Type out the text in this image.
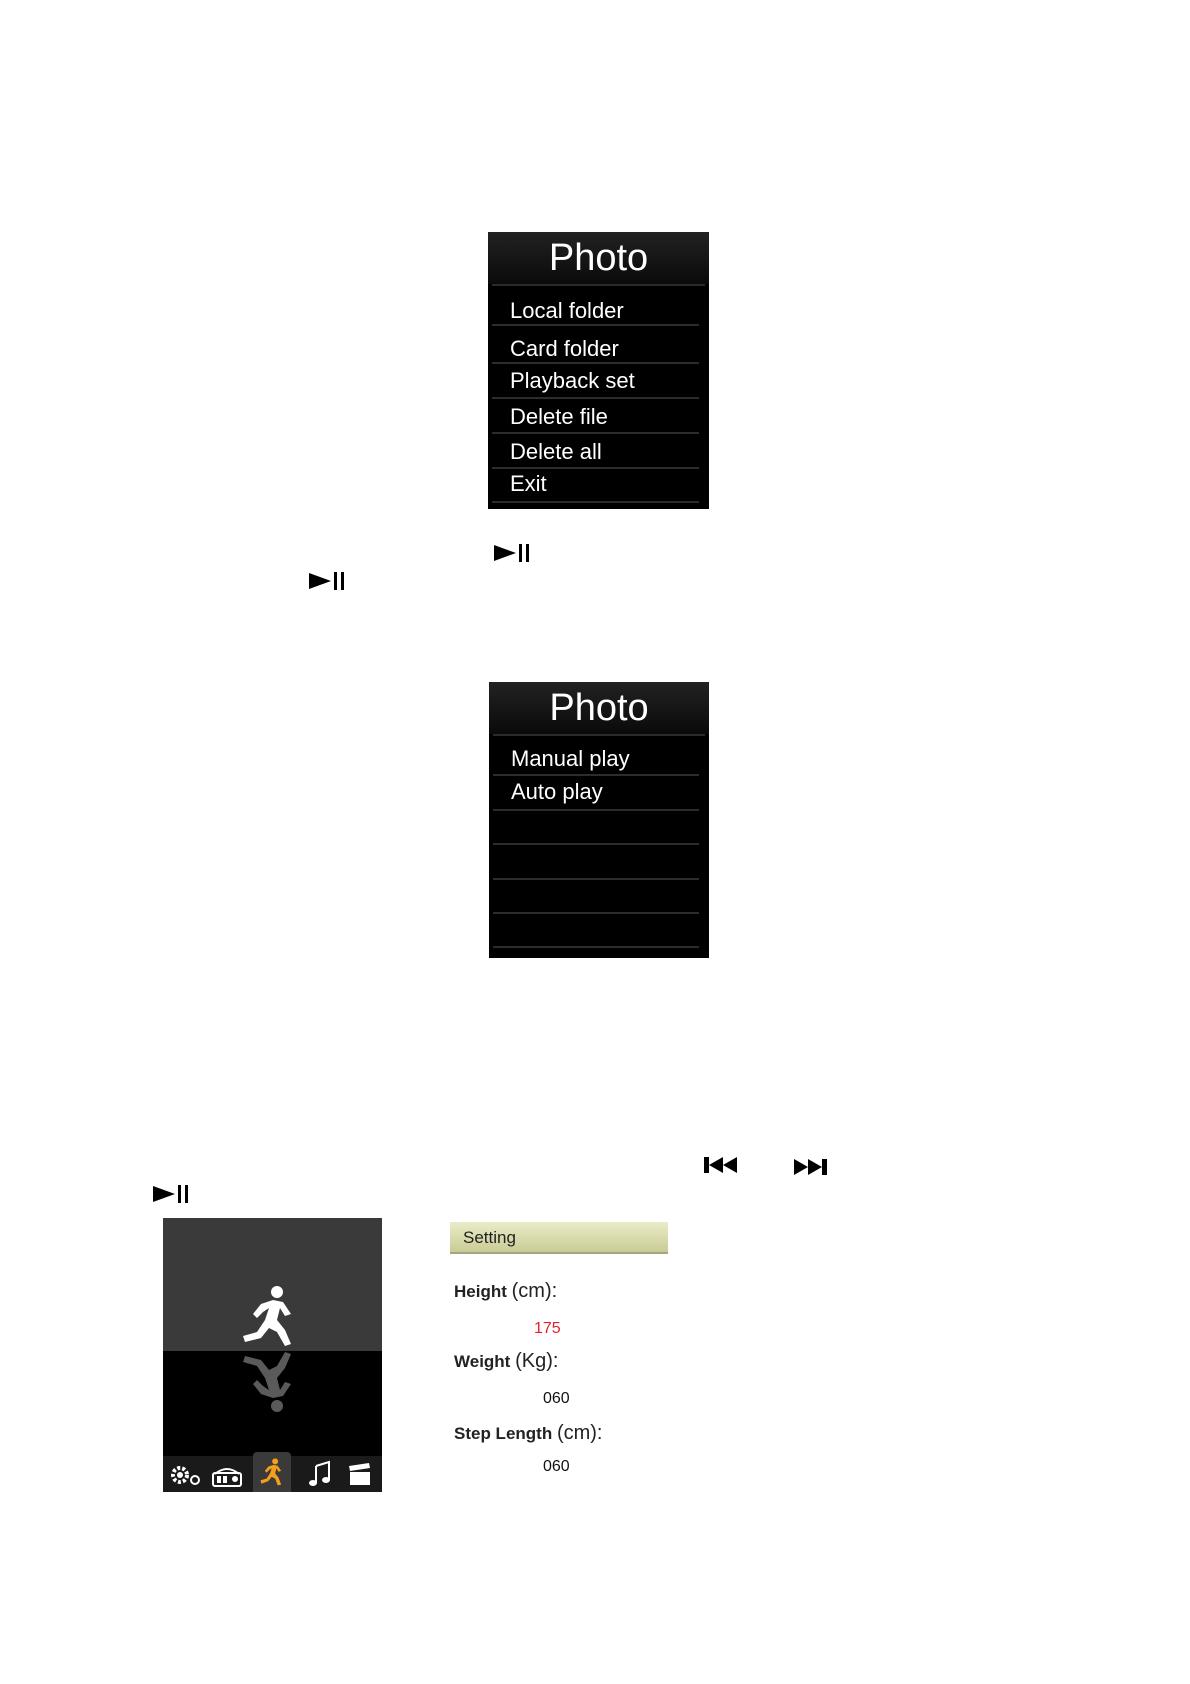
Photo
Local folder
Card folder
Playback set
Delete file
Delete all
Exit
Photo
Manual play
Auto play
Setting
Height (cm):
175
Weight (Kg):
060
Step Length (cm):
060
